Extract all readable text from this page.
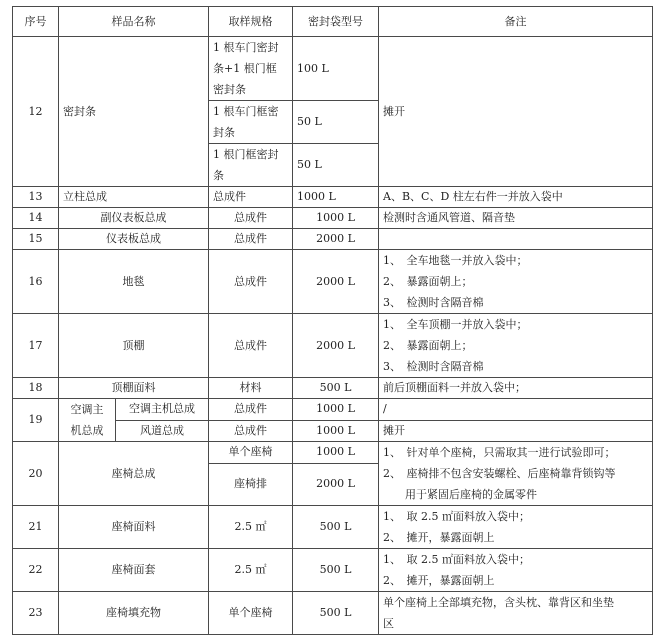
序号	样品名称		取样规格	密封袋型号	备注
12	密封条		1 根车门密封
条+1 根门框
密封条	100 L	摊开

			1 根车门框密
封条	50 L	

			1 根门框密封
条	50 L	
13	立柱总成		总成件	1000 L	A、B、C、D 柱左右件一并放入袋中
14	副仪表板总成		总成件	1000 L	检测时含通风管道、隔音垫
15	仪表板总成		总成件	2000 L	
16	地毯		总成件	2000 L	1、　全车地毯一并放入袋中；
2、　暴露面朝上；
3、　检测时含隔音棉

17	顶棚		总成件	2000 L	1、　全车顶棚一并放入袋中；
2、　暴露面朝上；
3、　检测时含隔音棉

18	顶棚面料		材料	500 L	前后顶棚面料一并放入袋中；
19	空调主
机总成	空调主机总成	总成件	1000 L	/
		风道总成	总成件	1000 L	摊开
20	座椅总成		单个座椅	1000 L	1、　针对单个座椅，只需取其一进行试验即可；
2、　座椅排不包含安装螺栓、后座椅靠背锁钩等
　　用于紧固后座椅的金属零件

			座椅排	2000 L	
21	座椅面料		2.5 ㎡	500 L	1、　取 2.5 ㎡面料放入袋中；
2、　摊开，暴露面朝上

22	座椅面套		2.5 ㎡	500 L	1、　取 2.5 ㎡面料放入袋中；
2、　摊开，暴露面朝上

23	座椅填充物		单个座椅	500 L	单个座椅上全部填充物，含头枕、靠背区和坐垫
区
